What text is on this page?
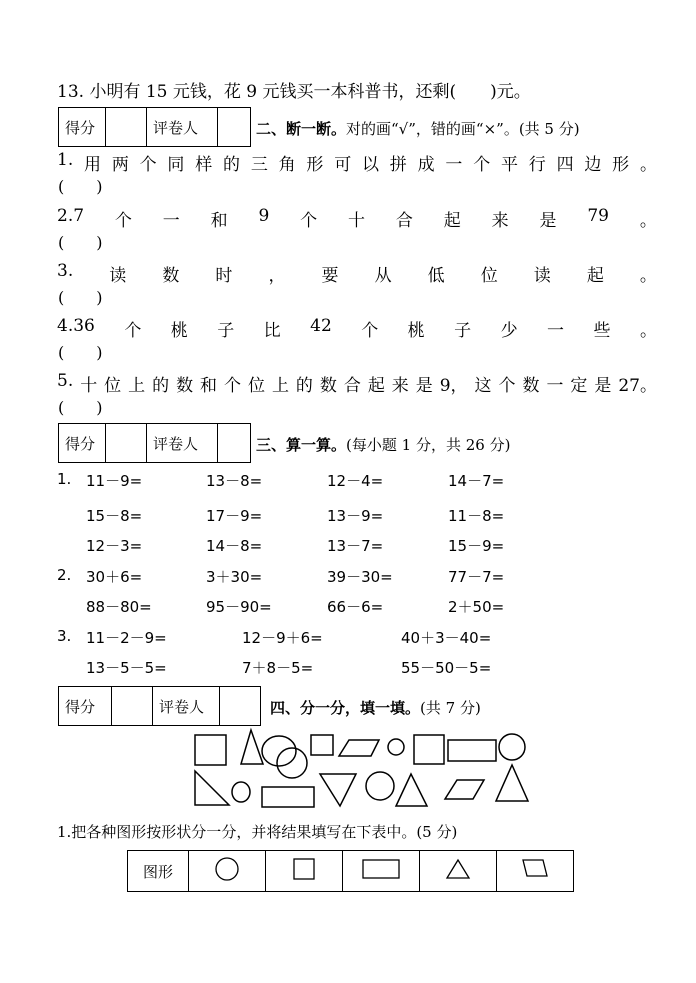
13. 小明有 15 元钱，花 9 元钱买一本科普书，还剩(　　)元。
得分		评卷人		二、断一断。对的画“√”，错的画“×”。(共 5 分)
1. 用 两 个 同 样 的 三 角 形 可 以 拼 成 一 个 平 行 四 边 形 。
(　　)
2.7 个 一 和 9 个 十 合 起 来 是 79 。
(　　)
3. 读 数 时 ， 要 从 低 位 读 起 。
(　　)
4.36 个 桃 子 比 42 个 桃 子 少 一 些 。
(　　)
5. 十 位 上 的 数 和 个 位 上 的 数 合 起 来 是 9， 这 个 数 一 定 是 27。
(　　)
得分		评卷人		三、算一算。(每小题 1 分，共 26 分)
1. 11－9=	13－8=	12－4=	14－7=
15－8=	17－9=	13－9=	11－8=
12－3=	14－8=	13－7=	15－9=
2. 30＋6=	3＋30=	39－30=	77－7=
88－80=	95－90=	66－6=	2＋50=
3. 11－2－9=	12－9＋6=	40＋3－40=
13－5－5=	7＋8－5=	55－50－5=
得分		评卷人		四、分一分，填一填。(共 7 分)
1.把各种图形按形状分一分，并将结果填写在下表中。(5 分)
图形					
